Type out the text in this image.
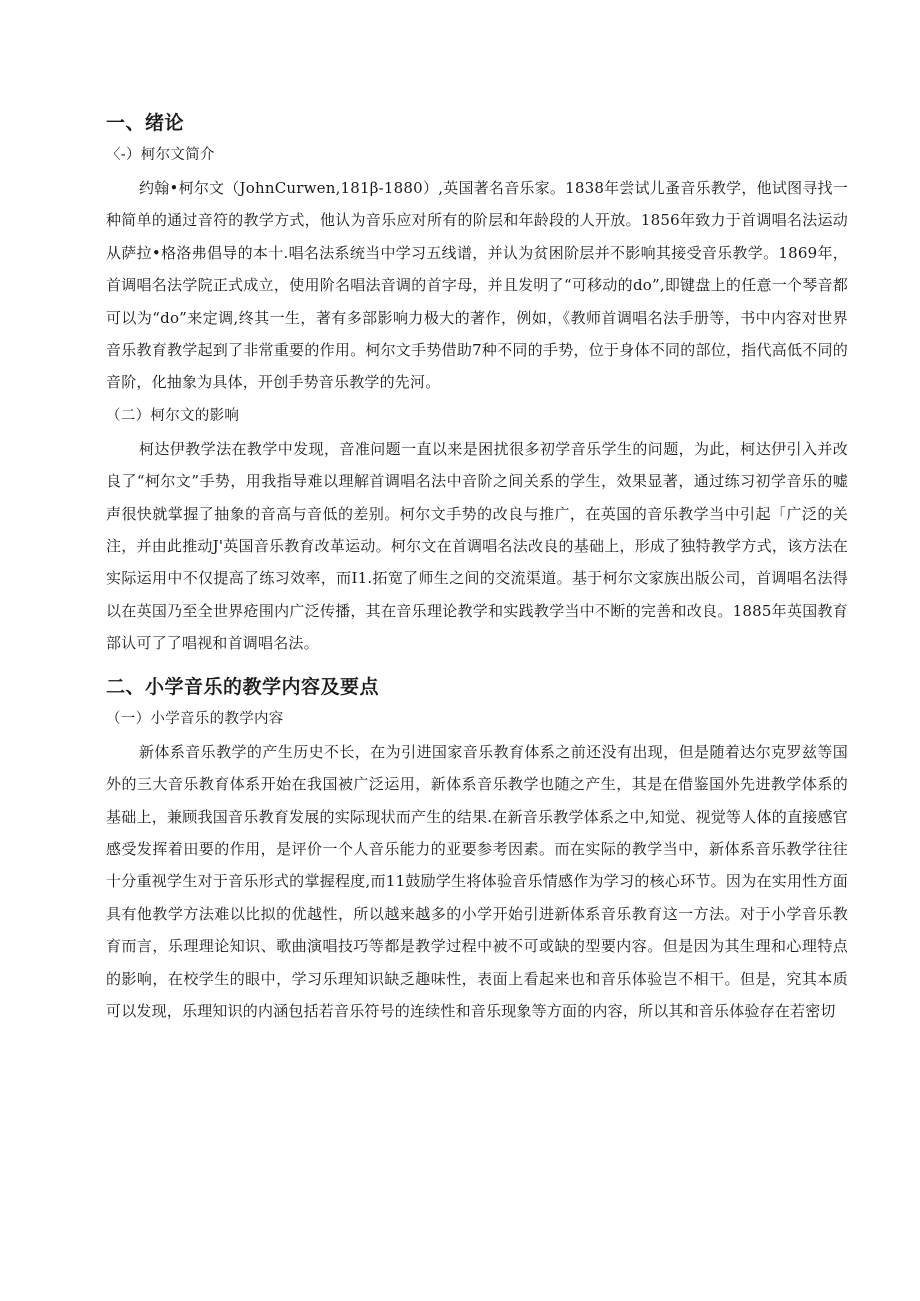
一、绪论
〈-）柯尔文简介

约翰•柯尔文（JohnCurwen,181β-1880）,英国著名音乐家。1838年尝试儿蚤音乐教学，他试图寻找一种简单的通过音符的教学方式，他认为音乐应对所有的阶层和年龄段的人开放。1856年致力于首调唱名法运动从萨拉•格洛弗倡导的本十.唱名法系统当中学习五线谱，并认为贫困阶层并不影响其接受音乐教学。1869年，首调唱名法学院正式成立，使用阶名唱法音调的首字母，并且发明了“可移动的do”,即键盘上的任意一个琴音都可以为“do”来定调,终其一生，著有多部影响力极大的著作，例如，《教师首调唱名法手册等，书中内容对世界音乐教育教学起到了非常重要的作用。柯尔文手势借助7种不同的手势，位于身体不同的部位，指代高低不同的音阶，化抽象为具体，开创手势音乐教学的先河。

（二）柯尔文的影响

柯达伊教学法在教学中发现，音准问题一直以来是困扰很多初学音乐学生的问题，为此，柯达伊引入并改良了“柯尔文”手势，用我指导难以理解首调唱名法中音阶之间关系的学生，效果显著，通过练习初学音乐的嘘声很快就掌握了抽象的音高与音低的差别。柯尔文手势的改良与推广，在英国的音乐教学当中引起「广泛的关注，并由此推动J'英国音乐教育改革运动。柯尔文在首调唱名法改良的基础上，形成了独特教学方式，该方法在实际运用中不仅提高了练习效率，而I1.拓宽了师生之间的交流渠道。基于柯尔文家族出版公司，首调唱名法得以在英国乃至全世界疮围内广泛传播，其在音乐理论教学和实践教学当中不断的完善和改良。1885年英国教育部认可了了唱视和首调唱名法。

二、小学音乐的教学内容及要点
（一）小学音乐的教学内容

新体系音乐教学的产生历史不长，在为引进国家音乐教育体系之前还没有出现，但是随着达尔克罗兹等国外的三大音乐教育体系开始在我国被广泛运用，新体系音乐教学也随之产生，其是在借鉴国外先进教学体系的基础上，兼顾我国音乐教育发展的实际现状而产生的结果.在新音乐教学体系之中,知觉、视觉等人体的直接感官感受发挥着田要的作用，是评价一个人音乐能力的亚要参考因素。而在实际的教学当中，新体系音乐教学往往十分重视学生对于音乐形式的掌握程度,而11鼓励学生将体验音乐情感作为学习的核心环节。因为在实用性方面具有他教学方法难以比拟的优越性，所以越来越多的小学开始引进新体系音乐教育这一方法。对于小学音乐教育而言，乐理理论知识、歌曲演唱技巧等都是教学过程中被不可或缺的型要内容。但是因为其生理和心理特点的影响，在校学生的眼中，学习乐理知识缺乏趣味性，表面上看起来也和音乐体验岂不相干。但是，究其本质可以发现，乐理知识的内涵包括若音乐符号的连续性和音乐现象等方面的内容，所以其和音乐体验存在若密切
